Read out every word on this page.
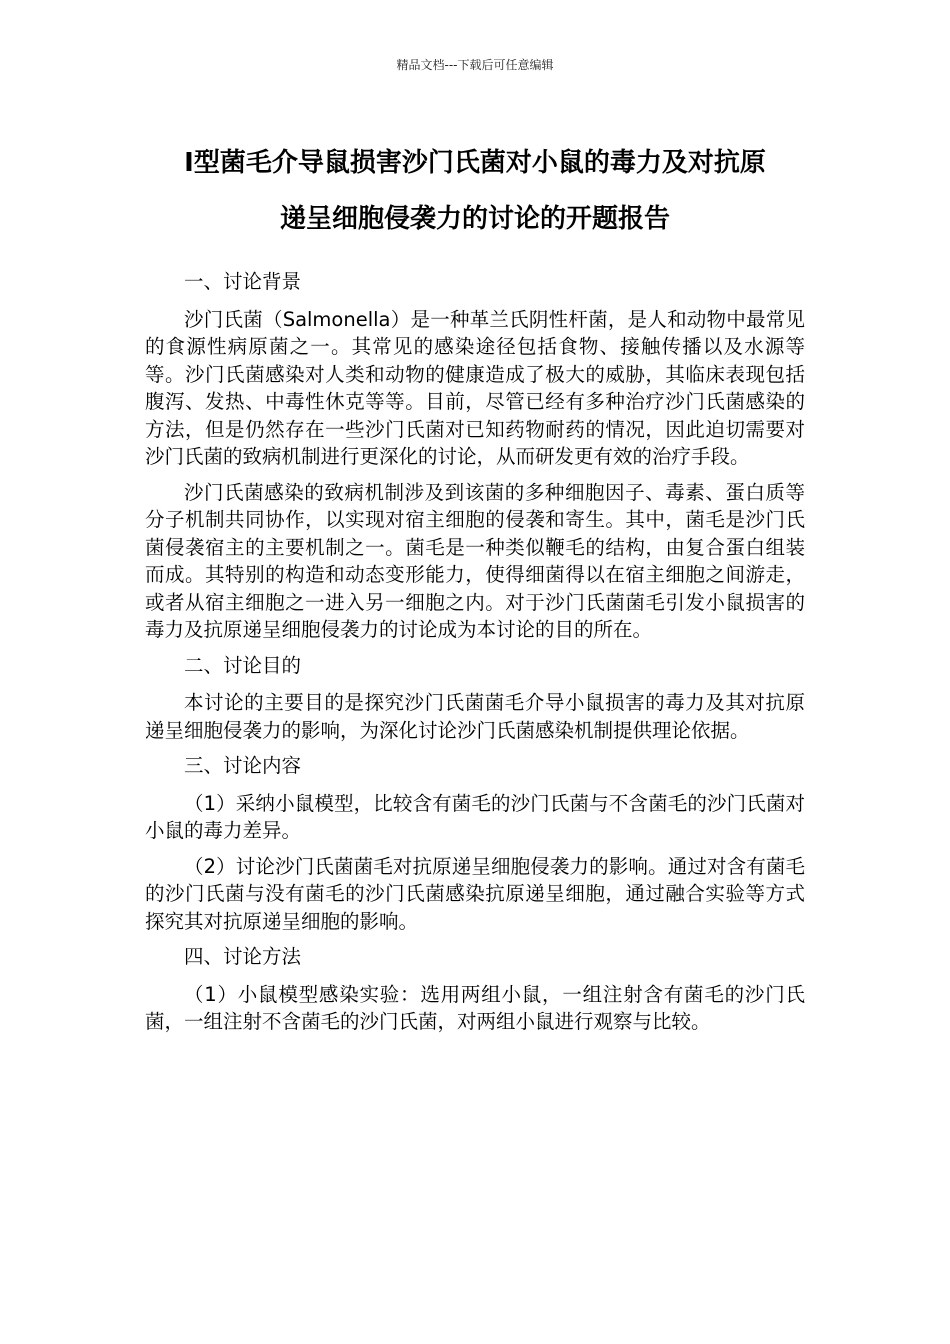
精品文档---下载后可任意编辑
Ⅰ型菌毛介导鼠损害沙门氏菌对小鼠的毒力及对抗原
递呈细胞侵袭力的讨论的开题报告

一、讨论背景

沙门氏菌（Salmonella）是一种革兰氏阴性杆菌，是人和动物中最常见的食源性病原菌之一。其常见的感染途径包括食物、接触传播以及水源等等。沙门氏菌感染对人类和动物的健康造成了极大的威胁，其临床表现包括腹泻、发热、中毒性休克等等。目前，尽管已经有多种治疗沙门氏菌感染的方法，但是仍然存在一些沙门氏菌对已知药物耐药的情况，因此迫切需要对沙门氏菌的致病机制进行更深化的讨论，从而研发更有效的治疗手段。

沙门氏菌感染的致病机制涉及到该菌的多种细胞因子、毒素、蛋白质等分子机制共同协作，以实现对宿主细胞的侵袭和寄生。其中，菌毛是沙门氏菌侵袭宿主的主要机制之一。菌毛是一种类似鞭毛的结构，由复合蛋白组装而成。其特别的构造和动态变形能力，使得细菌得以在宿主细胞之间游走，或者从宿主细胞之一进入另一细胞之内。对于沙门氏菌菌毛引发小鼠损害的毒力及抗原递呈细胞侵袭力的讨论成为本讨论的目的所在。

二、讨论目的

本讨论的主要目的是探究沙门氏菌菌毛介导小鼠损害的毒力及其对抗原递呈细胞侵袭力的影响，为深化讨论沙门氏菌感染机制提供理论依据。

三、讨论内容

（1）采纳小鼠模型，比较含有菌毛的沙门氏菌与不含菌毛的沙门氏菌对小鼠的毒力差异。

（2）讨论沙门氏菌菌毛对抗原递呈细胞侵袭力的影响。通过对含有菌毛的沙门氏菌与没有菌毛的沙门氏菌感染抗原递呈细胞，通过融合实验等方式探究其对抗原递呈细胞的影响。

四、讨论方法

（1）小鼠模型感染实验：选用两组小鼠，一组注射含有菌毛的沙门氏菌，一组注射不含菌毛的沙门氏菌，对两组小鼠进行观察与比较。
